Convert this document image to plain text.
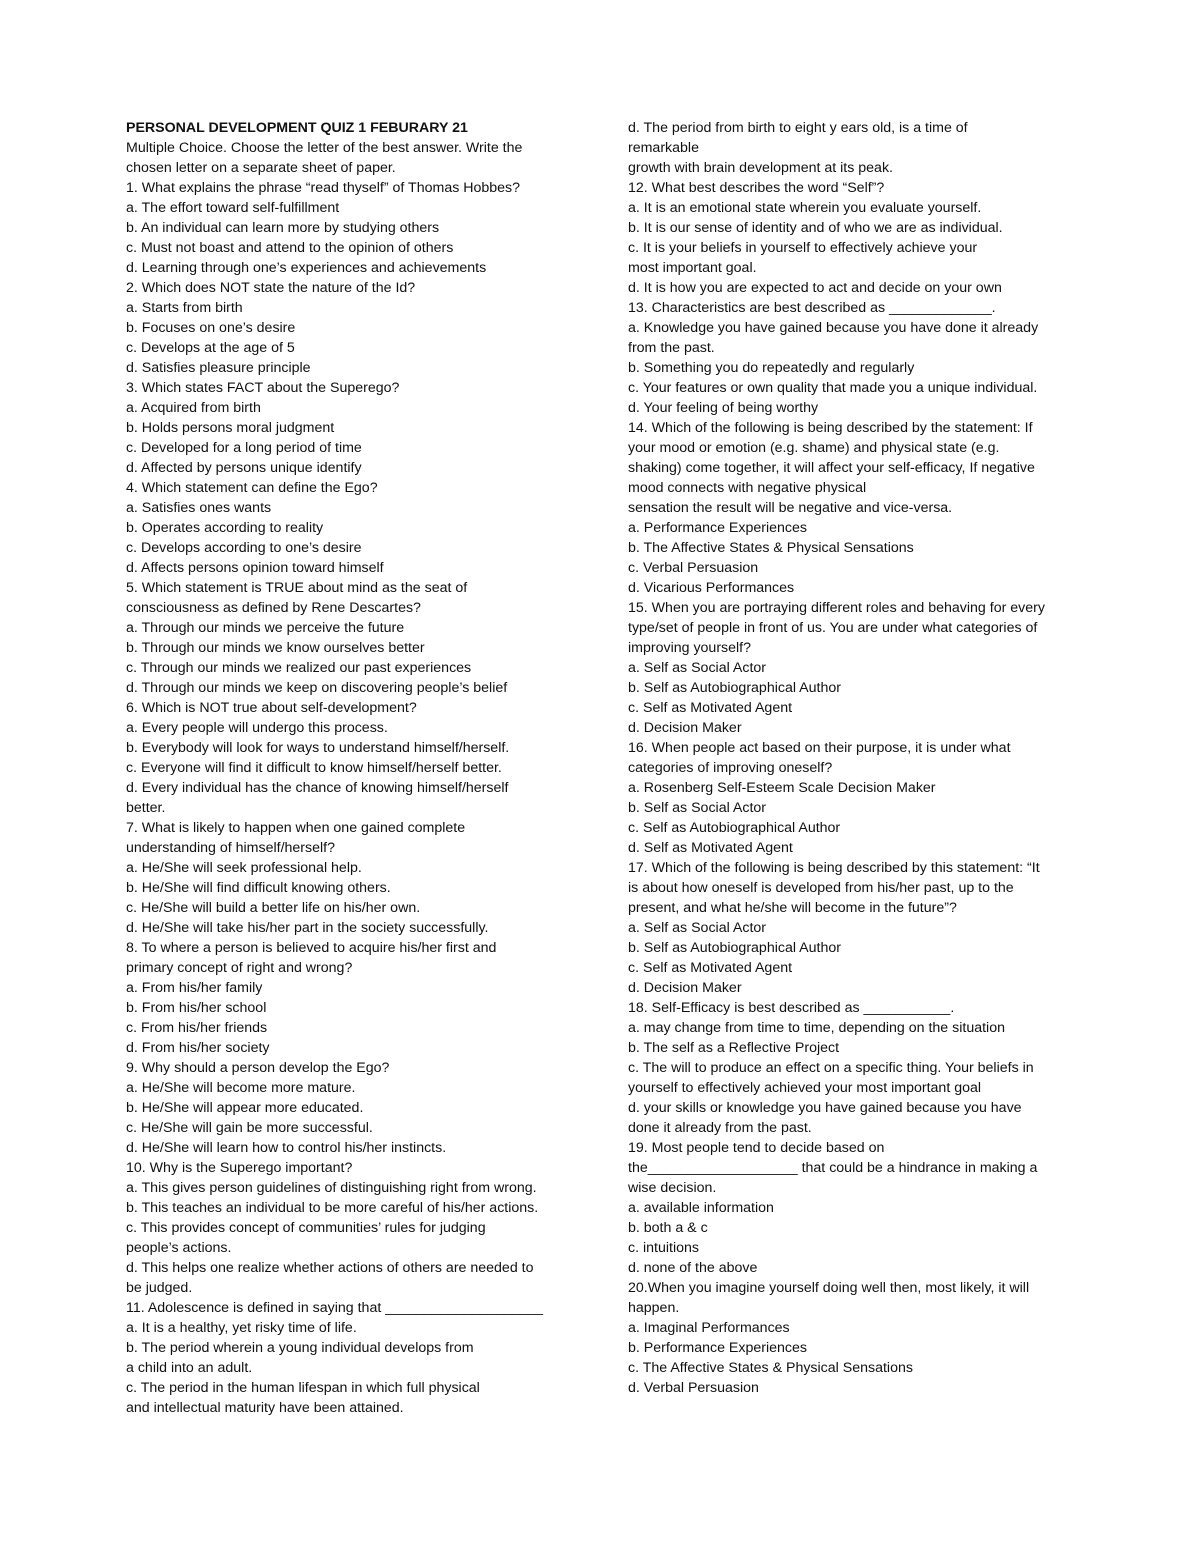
PERSONAL DEVELOPMENT QUIZ 1 FEBURARY 21
Multiple Choice. Choose the letter of the best answer. Write the
chosen letter on a separate sheet of paper.
1. What explains the phrase “read thyself” of Thomas Hobbes?
a. The effort toward self-fulfillment
b. An individual can learn more by studying others
c. Must not boast and attend to the opinion of others
d. Learning through one’s experiences and achievements
2. Which does NOT state the nature of the Id?
a. Starts from birth
b. Focuses on one’s desire
c. Develops at the age of 5
d. Satisfies pleasure principle
3. Which states FACT about the Superego?
a. Acquired from birth
b. Holds persons moral judgment
c. Developed for a long period of time
d. Affected by persons unique identify
4. Which statement can define the Ego?
a. Satisfies ones wants
b. Operates according to reality
c. Develops according to one’s desire
d. Affects persons opinion toward himself
5. Which statement is TRUE about mind as the seat of
consciousness as defined by Rene Descartes?
a. Through our minds we perceive the future
b. Through our minds we know ourselves better
c. Through our minds we realized our past experiences
d. Through our minds we keep on discovering people’s belief
6. Which is NOT true about self-development?
a. Every people will undergo this process.
b. Everybody will look for ways to understand himself/herself.
c. Everyone will find it difficult to know himself/herself better.
d. Every individual has the chance of knowing himself/herself
better.
7. What is likely to happen when one gained complete
understanding of himself/herself?
a. He/She will seek professional help.
b. He/She will find difficult knowing others.
c. He/She will build a better life on his/her own.
d. He/She will take his/her part in the society successfully.
8. To where a person is believed to acquire his/her first and
primary concept of right and wrong?
a. From his/her family
b. From his/her school
c. From his/her friends
d. From his/her society
9. Why should a person develop the Ego?
a. He/She will become more mature.
b. He/She will appear more educated.
c. He/She will gain be more successful.
d. He/She will learn how to control his/her instincts.
10. Why is the Superego important?
a. This gives person guidelines of distinguishing right from wrong.
b. This teaches an individual to be more careful of his/her actions.
c. This provides concept of communities’ rules for judging
people’s actions.
d. This helps one realize whether actions of others are needed to
be judged.
11. Adolescence is defined in saying that ____________________
a. It is a healthy, yet risky time of life.
b. The period wherein a young individual develops from
a child into an adult.
c. The period in the human lifespan in which full physical
and intellectual maturity have been attained.
d. The period from birth to eight y ears old, is a time of
remarkable
growth with brain development at its peak.
12. What best describes the word “Self”?
a. It is an emotional state wherein you evaluate yourself.
b. It is our sense of identity and of who we are as individual.
c. It is your beliefs in yourself to effectively achieve your
most important goal.
d. It is how you are expected to act and decide on your own
13. Characteristics are best described as _____________.
a. Knowledge you have gained because you have done it already
from the past.
b. Something you do repeatedly and regularly
c. Your features or own quality that made you a unique individual.
d. Your feeling of being worthy
14. Which of the following is being described by the statement: If
your mood or emotion (e.g. shame) and physical state (e.g.
shaking) come together, it will affect your self-efficacy, If negative
mood connects with negative physical
sensation the result will be negative and vice-versa.
a. Performance Experiences
b. The Affective States & Physical Sensations
c. Verbal Persuasion
d. Vicarious Performances
15. When you are portraying different roles and behaving for every
type/set of people in front of us. You are under what categories of
improving yourself?
a. Self as Social Actor
b. Self as Autobiographical Author
c. Self as Motivated Agent
d. Decision Maker
16. When people act based on their purpose, it is under what
categories of improving oneself?
a. Rosenberg Self-Esteem Scale Decision Maker
b. Self as Social Actor
c. Self as Autobiographical Author
d. Self as Motivated Agent
17. Which of the following is being described by this statement: “It
is about how oneself is developed from his/her past, up to the
present, and what he/she will become in the future”?
a. Self as Social Actor
b. Self as Autobiographical Author
c. Self as Motivated Agent
d. Decision Maker
18. Self-Efficacy is best described as ___________.
a. may change from time to time, depending on the situation
b. The self as a Reflective Project
c. The will to produce an effect on a specific thing. Your beliefs in
yourself to effectively achieved your most important goal
d. your skills or knowledge you have gained because you have
done it already from the past.
19. Most people tend to decide based on
the___________________ that could be a hindrance in making a
wise decision.
a. available information
b. both a & c
c. intuitions
d. none of the above
20.When you imagine yourself doing well then, most likely, it will
happen.
a. Imaginal Performances
b. Performance Experiences
c. The Affective States & Physical Sensations
d. Verbal Persuasion
